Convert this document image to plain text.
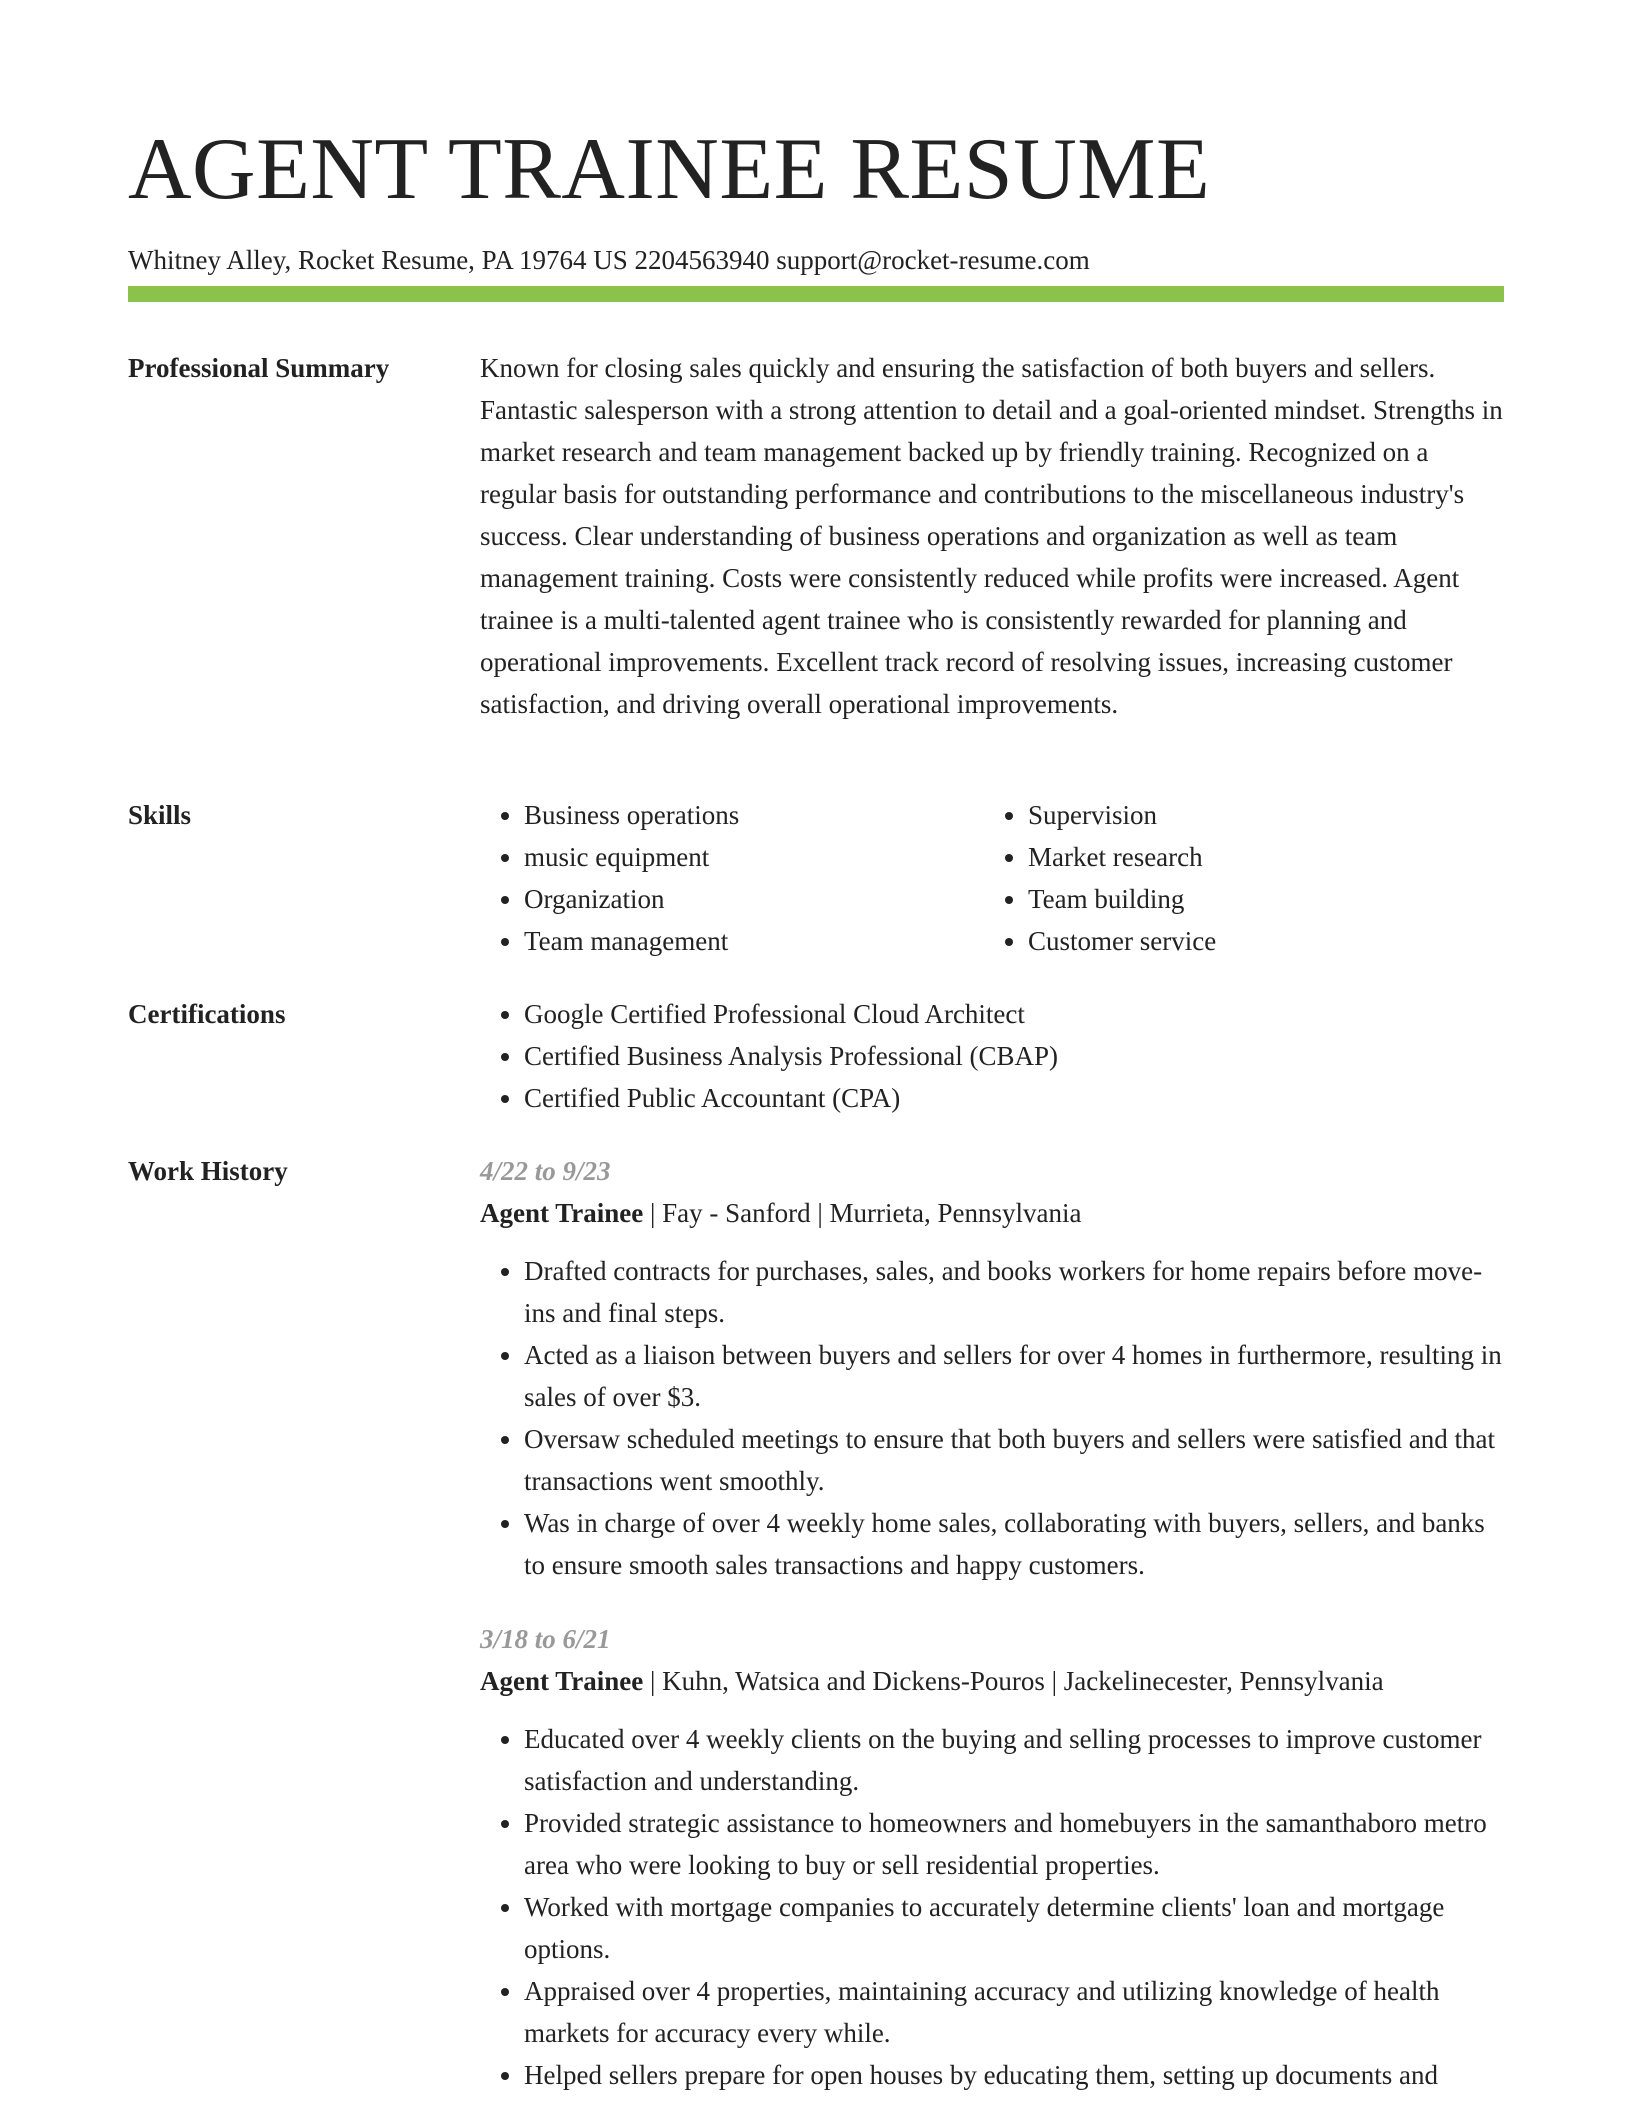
AGENT TRAINEE RESUME
Whitney Alley, Rocket Resume, PA 19764 US 2204563940 support@rocket-resume.com
Professional Summary	Known for closing sales quickly and ensuring the satisfaction of both buyers and sellers. Fantastic salesperson with a strong attention to detail and a goal-oriented mindset. Strengths in market research and team management backed up by friendly training. Recognized on a regular basis for outstanding performance and contributions to the miscellaneous industry's success. Clear understanding of business operations and organization as well as team management training. Costs were consistently reduced while profits were increased. Agent trainee is a multi-talented agent trainee who is consistently rewarded for planning and operational improvements. Excellent track record of resolving issues, increasing customer satisfaction, and driving overall operational improvements.

Skills	• Business operations
• music equipment
• Organization
• Team management
• Supervision
• Market research
• Team building
• Customer service
Certifications	• Google Certified Professional Cloud Architect
• Certified Business Analysis Professional (CBAP)
• Certified Public Accountant (CPA)
Work History	4/22 to 9/23
Agent Trainee | Fay - Sanford | Murrieta, Pennsylvania
• Drafted contracts for purchases, sales, and books workers for home repairs before move-ins and final steps.
• Acted as a liaison between buyers and sellers for over 4 homes in furthermore, resulting in sales of over $3.
• Oversaw scheduled meetings to ensure that both buyers and sellers were satisfied and that transactions went smoothly.
• Was in charge of over 4 weekly home sales, collaborating with buyers, sellers, and banks to ensure smooth sales transactions and happy customers.
3/18 to 6/21
Agent Trainee | Kuhn, Watsica and Dickens-Pouros | Jackelinecester, Pennsylvania
• Educated over 4 weekly clients on the buying and selling processes to improve customer satisfaction and understanding.
• Provided strategic assistance to homeowners and homebuyers in the samanthaboro metro area who were looking to buy or sell residential properties.
• Worked with mortgage companies to accurately determine clients' loan and mortgage options.
• Appraised over 4 properties, maintaining accuracy and utilizing knowledge of health markets for accuracy every while.
• Helped sellers prepare for open houses by educating them, setting up documents and
